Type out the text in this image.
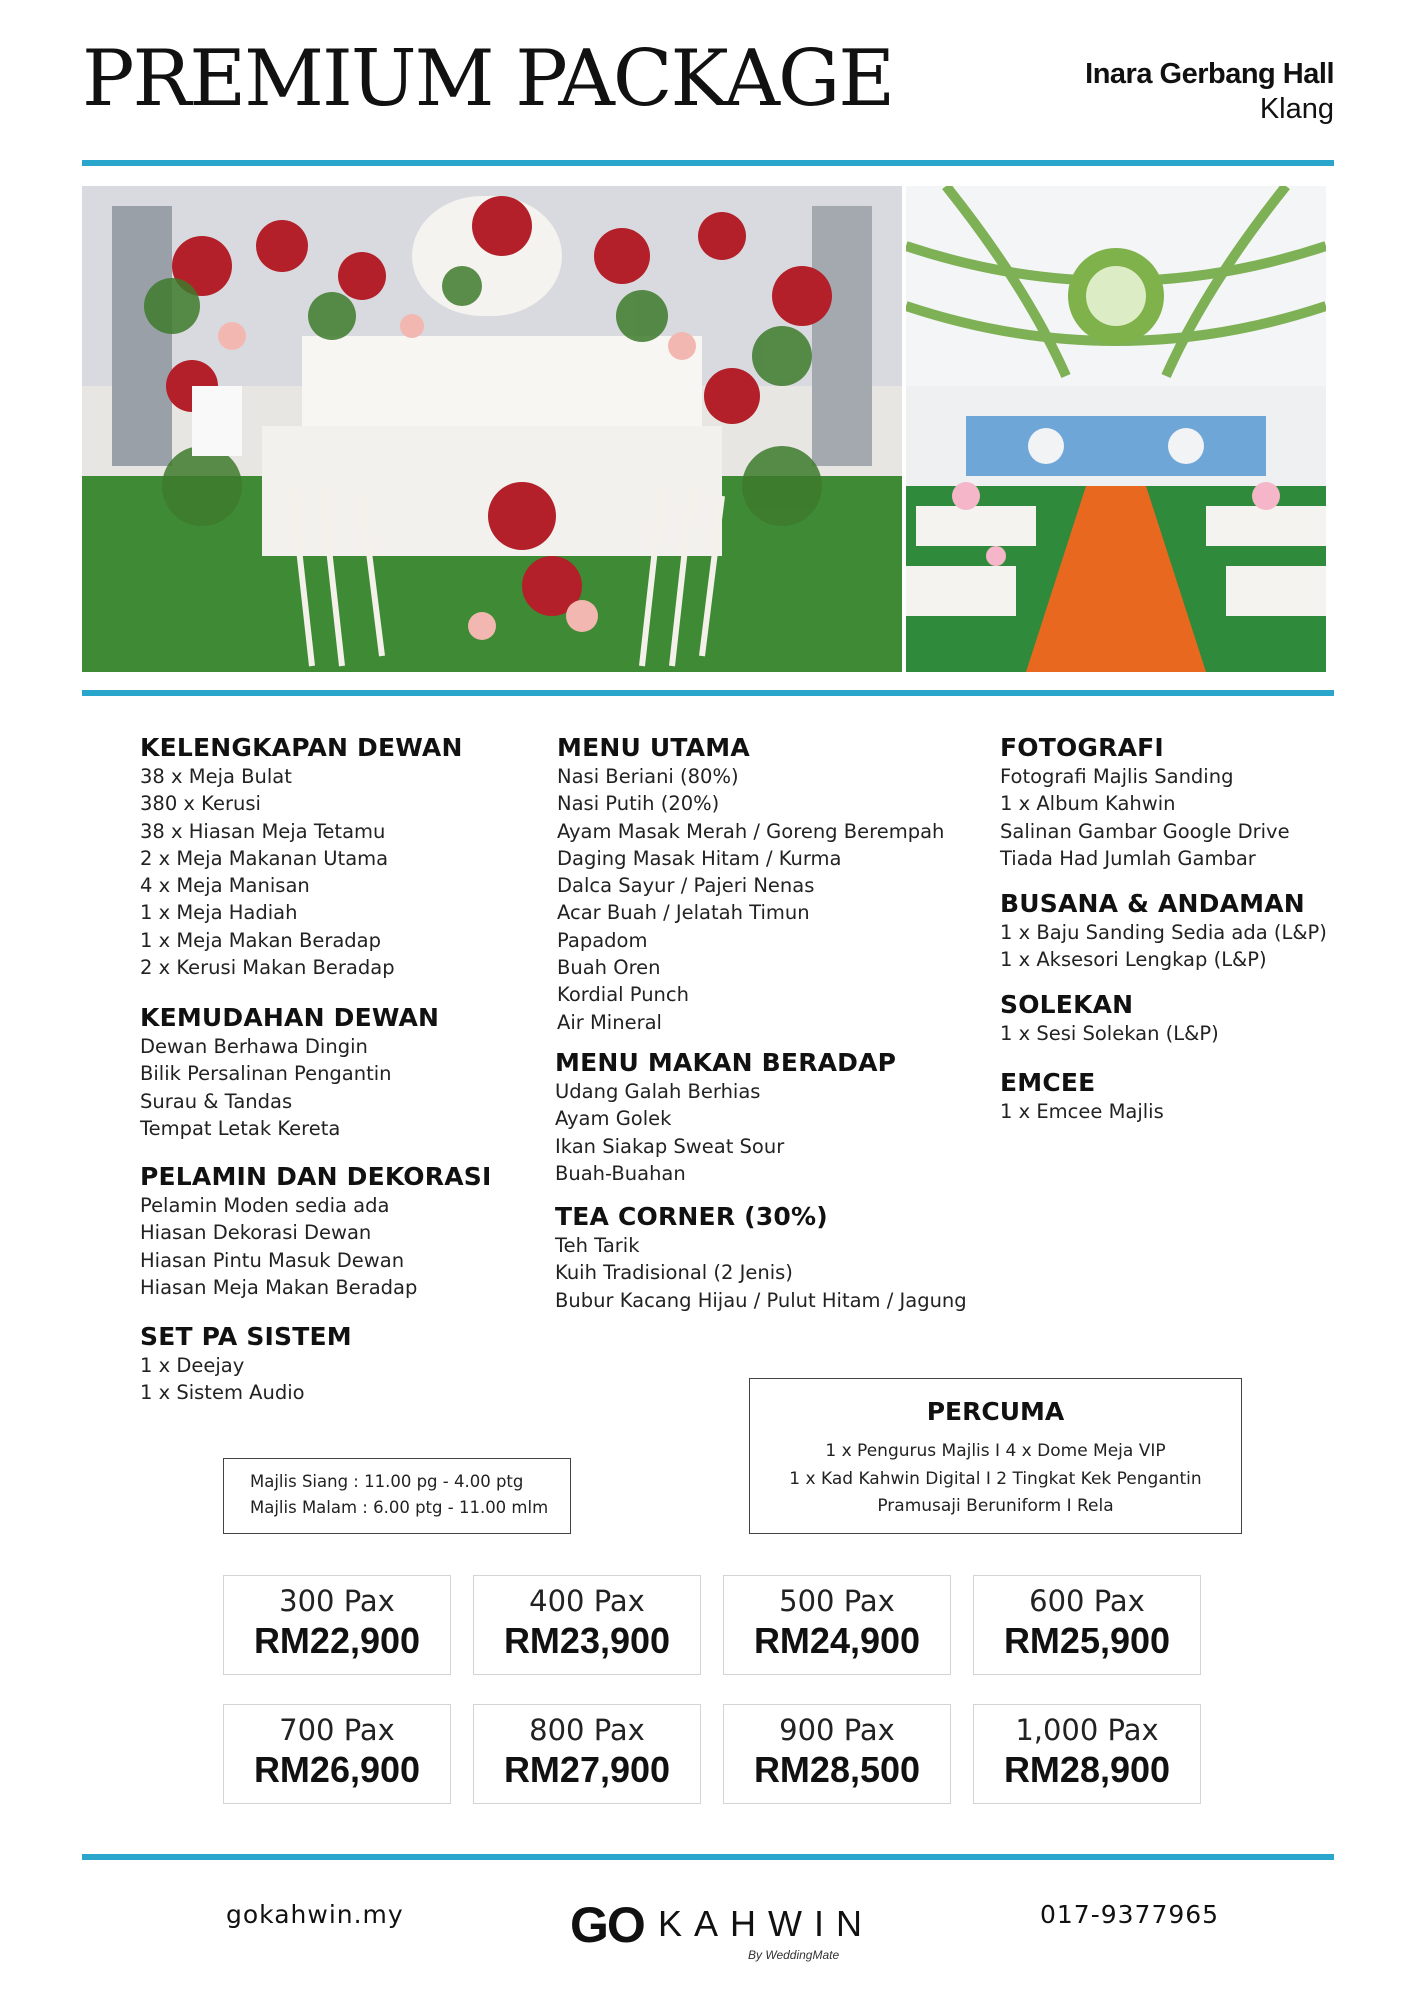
PREMIUM PACKAGE	Inara Gerbang Hall
Klang
KELENGKAPAN DEWAN
38 x Meja Bulat
380 x Kerusi
38 x Hiasan Meja Tetamu
2 x Meja Makanan Utama
4 x Meja Manisan
1 x Meja Hadiah
1 x Meja Makan Beradap
2 x Kerusi Makan Beradap
KEMUDAHAN DEWAN
Dewan Berhawa Dingin
Bilik Persalinan Pengantin
Surau & Tandas
Tempat Letak Kereta
PELAMIN DAN DEKORASI
Pelamin Moden sedia ada
Hiasan Dekorasi Dewan
Hiasan Pintu Masuk Dewan
Hiasan Meja Makan Beradap
SET PA SISTEM
1 x Deejay
1 x Sistem Audio
MENU UTAMA
Nasi Beriani (80%)
Nasi Putih (20%)
Ayam Masak Merah / Goreng Berempah
Daging Masak Hitam / Kurma
Dalca Sayur / Pajeri Nenas
Acar Buah / Jelatah Timun
Papadom
Buah Oren
Kordial Punch
Air Mineral
MENU MAKAN BERADAP
Udang Galah Berhias
Ayam Golek
Ikan Siakap Sweat Sour
Buah-Buahan
TEA CORNER (30%)
Teh Tarik
Kuih Tradisional (2 Jenis)
Bubur Kacang Hijau / Pulut Hitam / Jagung
FOTOGRAFI
Fotografi Majlis Sanding
1 x Album Kahwin
Salinan Gambar Google Drive
Tiada Had Jumlah Gambar
BUSANA & ANDAMAN
1 x Baju Sanding Sedia ada (L&P)
1 x Aksesori Lengkap (L&P)
SOLEKAN
1 x Sesi Solekan (L&P)
EMCEE
1 x Emcee Majlis
Majlis Siang : 11.00 pg - 4.00 ptg
Majlis Malam : 6.00 ptg - 11.00 mlm
PERCUMA
1 x Pengurus Majlis I 4 x Dome Meja VIP
1 x Kad Kahwin Digital I 2 Tingkat Kek Pengantin
Pramusaji Beruniform I Rela
300 Pax
RM22,900
400 Pax
RM23,900
500 Pax
RM24,900
600 Pax
RM25,900
700 Pax
RM26,900
800 Pax
RM27,900
900 Pax
RM28,500
1,000 Pax
RM28,900
gokahwin.my	GO KAHWIN
By WeddingMate
017-9377965
